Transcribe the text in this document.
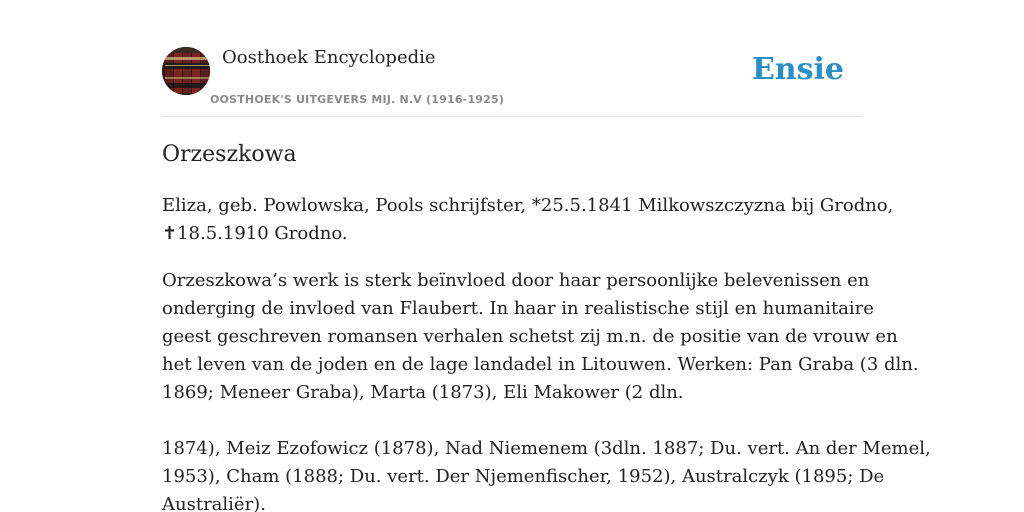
Oosthoek Encyclopedie
OOSTHOEK'S UITGEVERS MIJ. N.V (1916-1925)
Ensie
Orzeszkowa

Eliza, geb. Powlowska, Pools schrijfster, *25.5.1841 Milkowszczyzna bij Grodno,
✝18.5.1910 Grodno.

Orzeszkowa’s werk is sterk beïnvloed door haar persoonlijke belevenissen en
onderging de invloed van Flaubert. In haar in realistische stijl en humanitaire
geest geschreven romansen verhalen schetst zij m.n. de positie van de vrouw en
het leven van de joden en de lage landadel in Litouwen. Werken: Pan Graba (3 dln.
1869; Meneer Graba), Marta (1873), Eli Makower (2 dln.

1874), Meiz Ezofowicz (1878), Nad Niemenem (3dln. 1887; Du. vert. An der Memel,
1953), Cham (1888; Du. vert. Der Njemenfischer, 1952), Australczyk (1895; De
Australiër).
